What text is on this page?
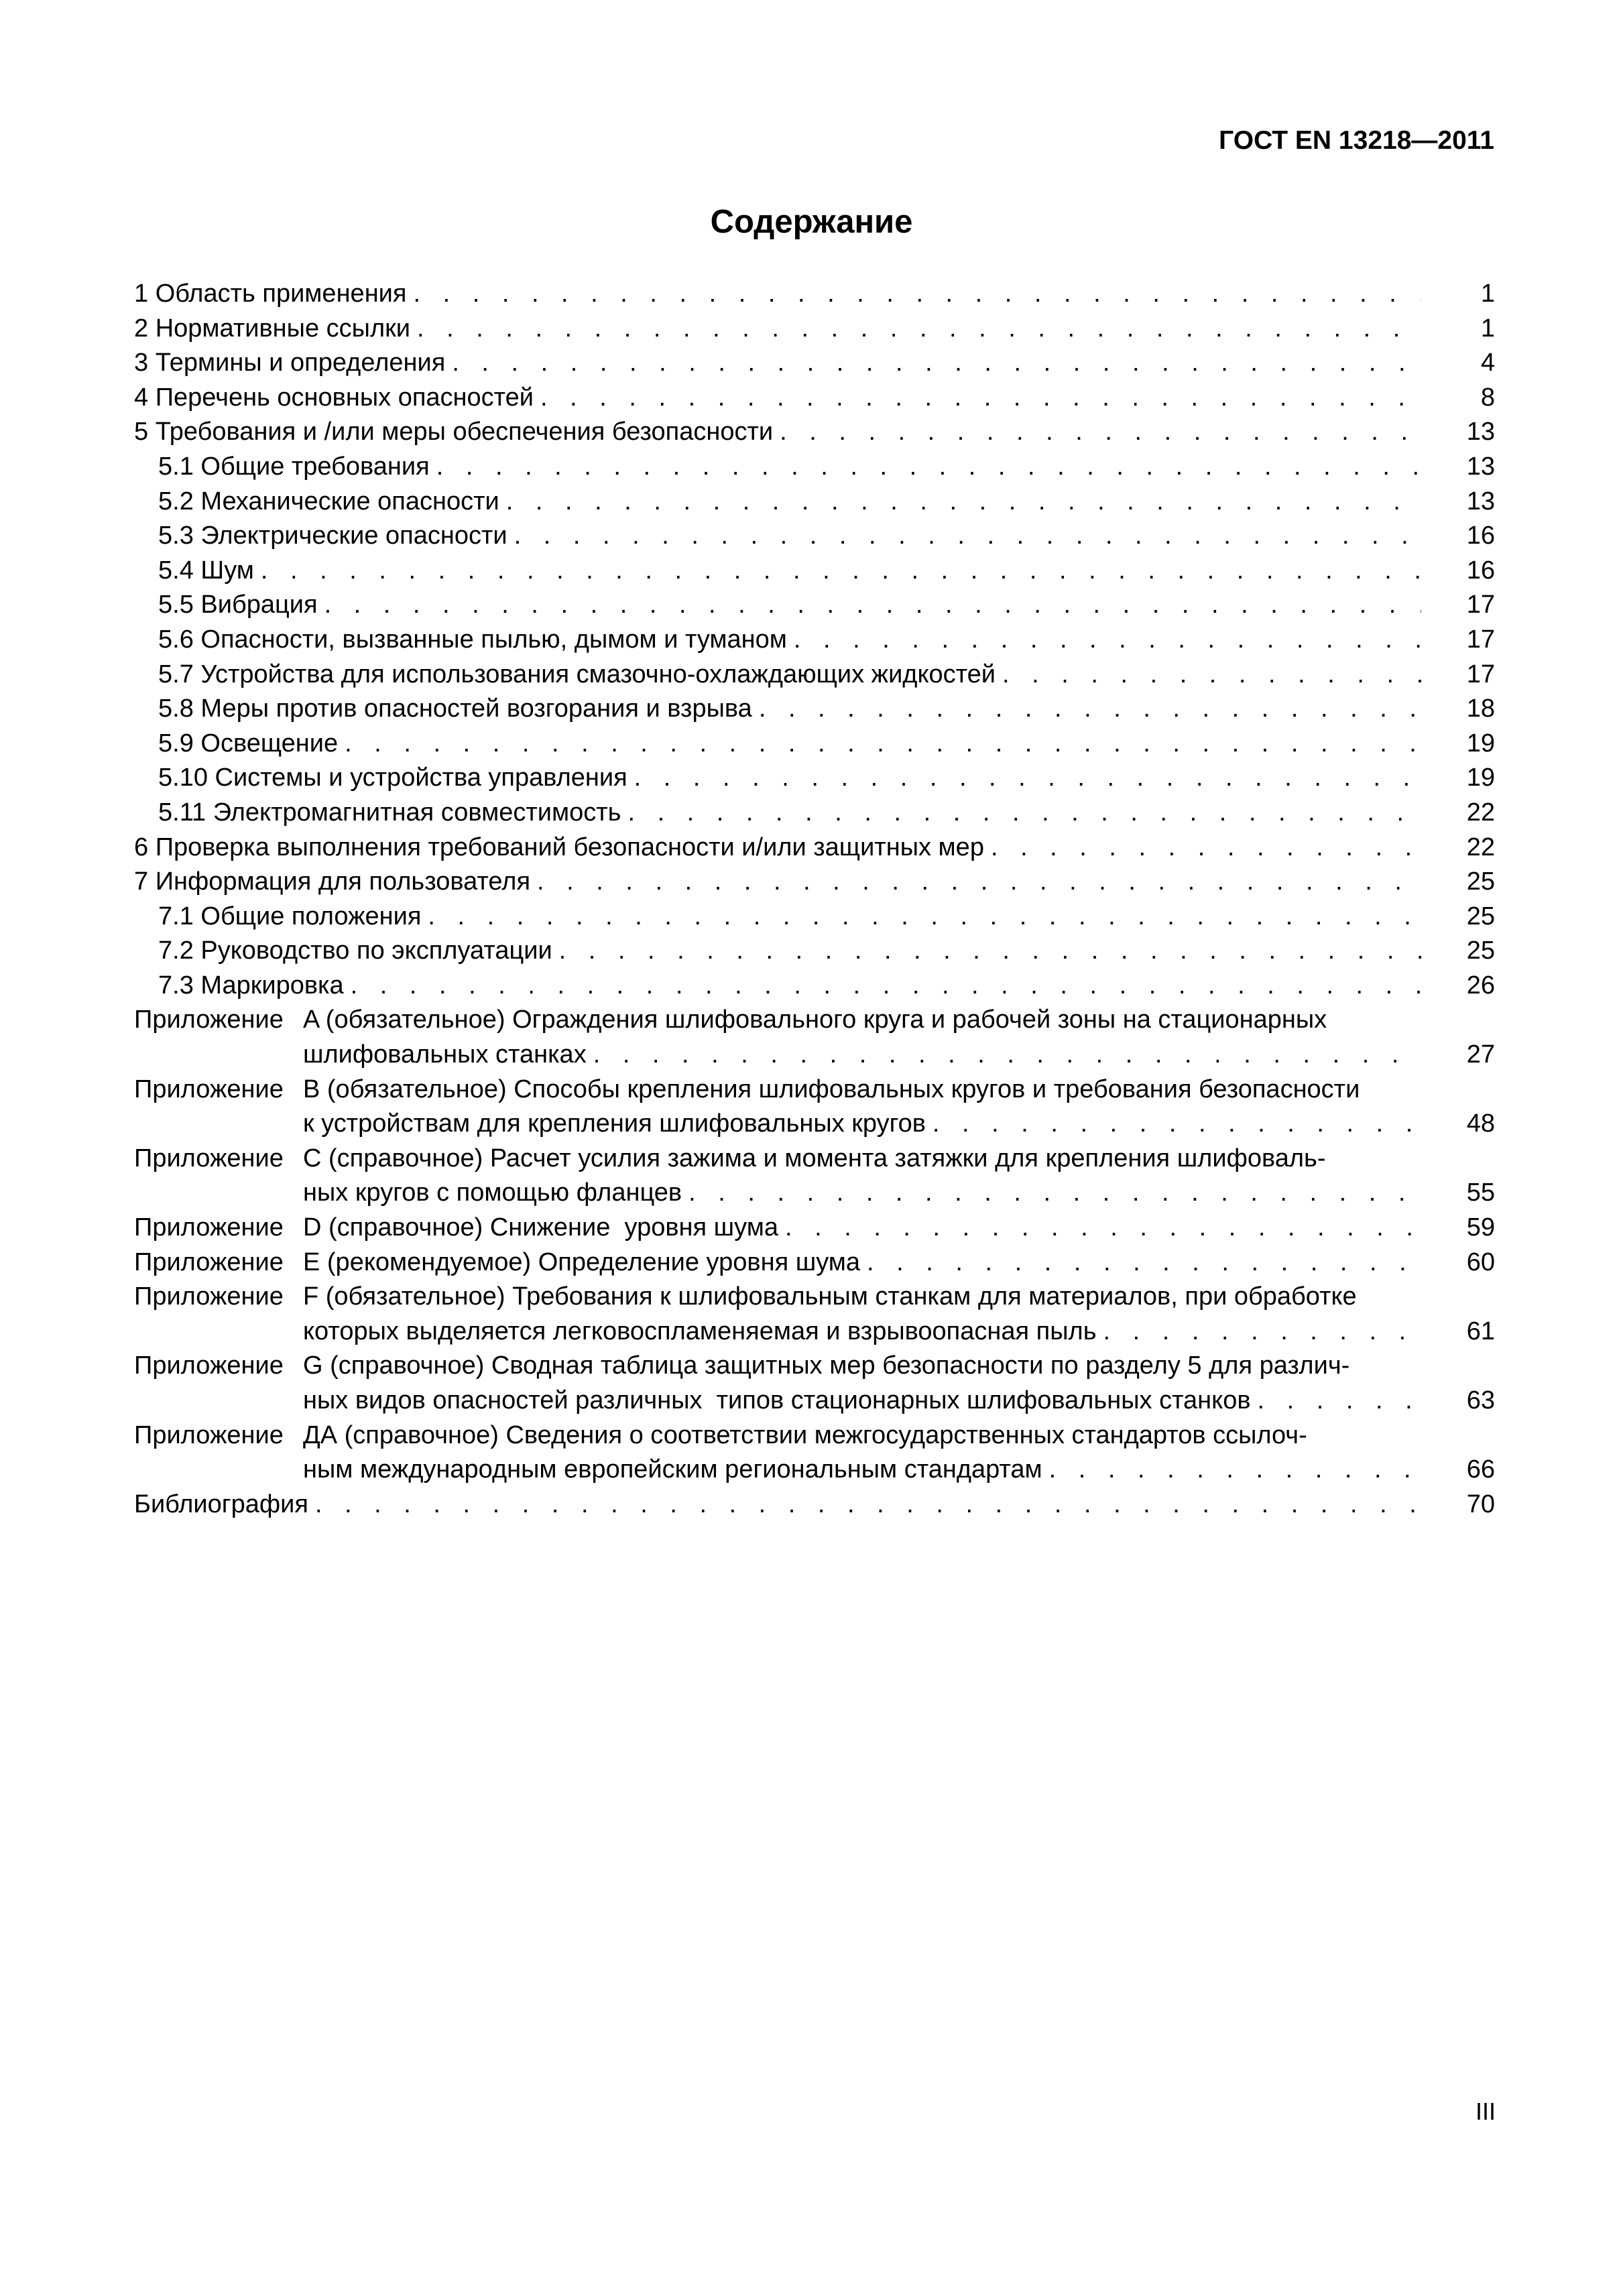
ГОСТ EN 13218—2011
Содержание
1 Область применения . . .	1
2 Нормативные ссылки . . .	1
3 Термины и определения . . .	4
4 Перечень основных опасностей . . .	8
5 Требования и /или меры обеспечения безопасности . . .	13
5.1 Общие требования . . .	13
5.2 Механические опасности . . .	13
5.3 Электрические опасности . . .	16
5.4 Шум . . .	16
5.5 Вибрация . . .	17
5.6 Опасности, вызванные пылью, дымом и туманом . . .	17
5.7 Устройства для использования смазочно-охлаждающих жидкостей . . .	17
5.8 Меры против опасностей возгорания и взрыва . . .	18
5.9 Освещение . . .	19
5.10 Системы и устройства управления . . .	19
5.11 Электромагнитная совместимость . . .	22
6 Проверка выполнения требований безопасности и/или защитных мер . . .	22
7 Информация для пользователя . . .	25
7.1 Общие положения . . .	25
7.2 Руководство по эксплуатации . . .	25
7.3 Маркировка . . .	26
Приложение A (обязательное) Ограждения шлифовального круга и рабочей зоны на стационарных
шлифовальных станках . . .	27
Приложение B (обязательное) Способы крепления шлифовальных кругов и требования безопасности
к устройствам для крепления шлифовальных кругов . . .	48
Приложение C (справочное) Расчет усилия зажима и момента затяжки для крепления шлифоваль-
ных кругов с помощью фланцев . . .	55
Приложение D (справочное) Снижение  уровня шума . . .	59
Приложение E (рекомендуемое) Определение уровня шума . . .	60
Приложение F (обязательное) Требования к шлифовальным станкам для материалов, при обработке
которых выделяется легковоспламеняемая и взрывоопасная пыль . . .	61
Приложение G (справочное) Сводная таблица защитных мер безопасности по разделу 5 для различ-
ных видов опасностей различных  типов стационарных шлифовальных станков . . .	63
Приложение ДА (справочное) Сведения о соответствии межгосударственных стандартов ссылоч-
ным международным европейским региональным стандартам . . .	66
Библиография . . .	70
III
